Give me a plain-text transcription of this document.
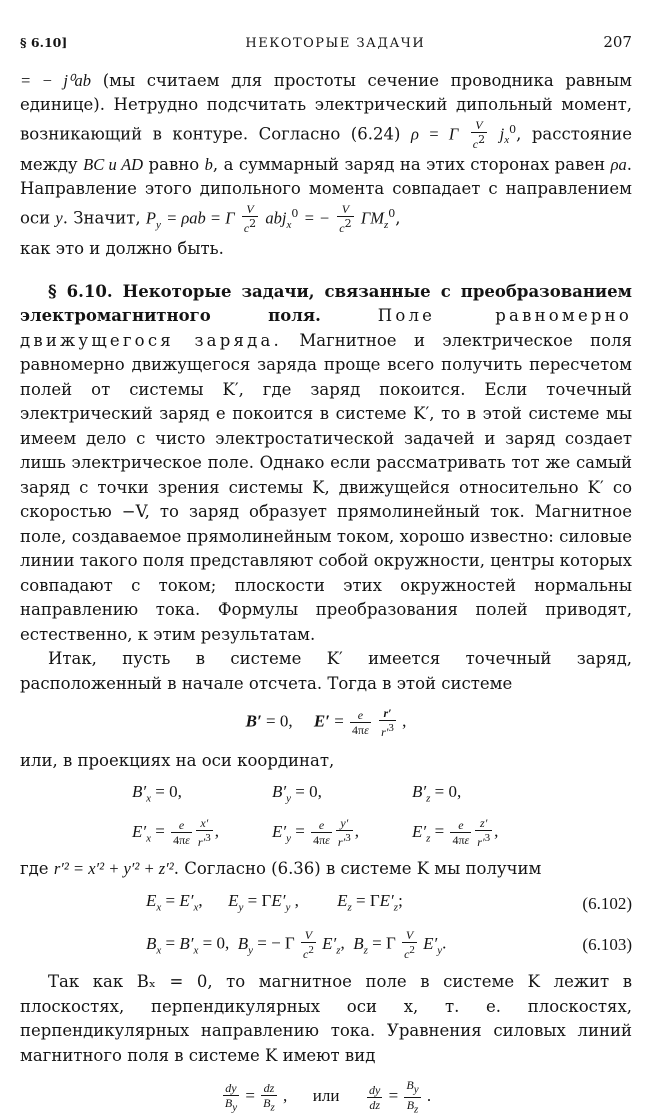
§ 6.10]	НЕКОТОРЫЕ ЗАДАЧИ	207

= − j⁰ab (мы считаем для простоты сечение проводника равным единице). Нетрудно подсчитать электрический дипольный момент, возникающий в контуре. Согласно (6.24) ρ = Γ $\frac{V}{c^2} j_x^0$, расстояние между BC и AD равно b, а суммарный заряд на этих сторонах равен ρa. Направление этого дипольного момента совпадает с направлением оси y. Значит, $P_y = \rho ab = \Gamma \frac{V}{c^2} abj_x^0$ = − $\frac{V}{c^2} \Gamma M_z^0$,

как это и должно быть.

§ 6.10. Некоторые задачи, связанные с преобразованием электромагнитного поля.	Поле равномерно движущегося заряда. Магнитное и электрическое поля равномерно движущегося заряда проще всего получить пересчетом полей от системы K′, где заряд покоится. Если точечный электрический заряд e покоится в системе K′, то в этой системе мы имеем дело с чисто электростатической задачей и заряд создает лишь электрическое поле. Однако если рассматривать тот же самый заряд с точки зрения системы K, движущейся относительно K′ со скоростью −V, то заряд образует прямолинейный ток. Магнитное поле, создаваемое прямолинейным током, хорошо известно: силовые линии такого поля представляют собой окружности, центры которых совпадают с током; плоскости этих окружностей нормальны направлению тока. Формулы преобразования полей приводят, естественно, к этим результатам.

Итак, пусть в системе K′ имеется точечный заряд, расположенный в начале отсчета. Тогда в этой системе

B′ = 0,     $E' = \frac{e}{4\pi\varepsilon}$
$\frac{r'}{r'^3}$ ,

или, в проекциях на оси координат,

$B'_x = 0$,	$B'_y = 0$,	$B'_z = 0$,
$E'_x = \frac{e}{4\pi\varepsilon} \frac{x'}{r'^3}$ ,	$E'_y = \frac{e}{4\pi\varepsilon} \frac{y'}{r'^3}$ ,	$E'_z = \frac{e}{4\pi\varepsilon} \frac{z'}{r'^3}$ ,

где r′² = x′² + y′² + z′². Согласно (6.36) в системе K мы получим

$E_x = E'_x$,      $E_y = \Gamma E'_y$ ,         $E_z = \Gamma E'_z$;	(6.102)
$B_x = B'_x = 0$,  $B_y$ = − Γ $\frac{V}{c^2} E'_z$,  $B_z = \Gamma \frac{V}{c^2} E'_y$.	(6.103)

Так как Bₓ = 0, то магнитное поле в системе K лежит в плоскостях, перпендикулярных оси x, т. е. плоскостях, перпендикулярных направлению тока. Уравнения силовых линий магнитного поля в системе K имеют вид

$\frac{dy}{B_y} = \frac{dz}{B_z}$ ,      или $\frac{dy}{dz} = \frac{B_y}{B_z}$ .
